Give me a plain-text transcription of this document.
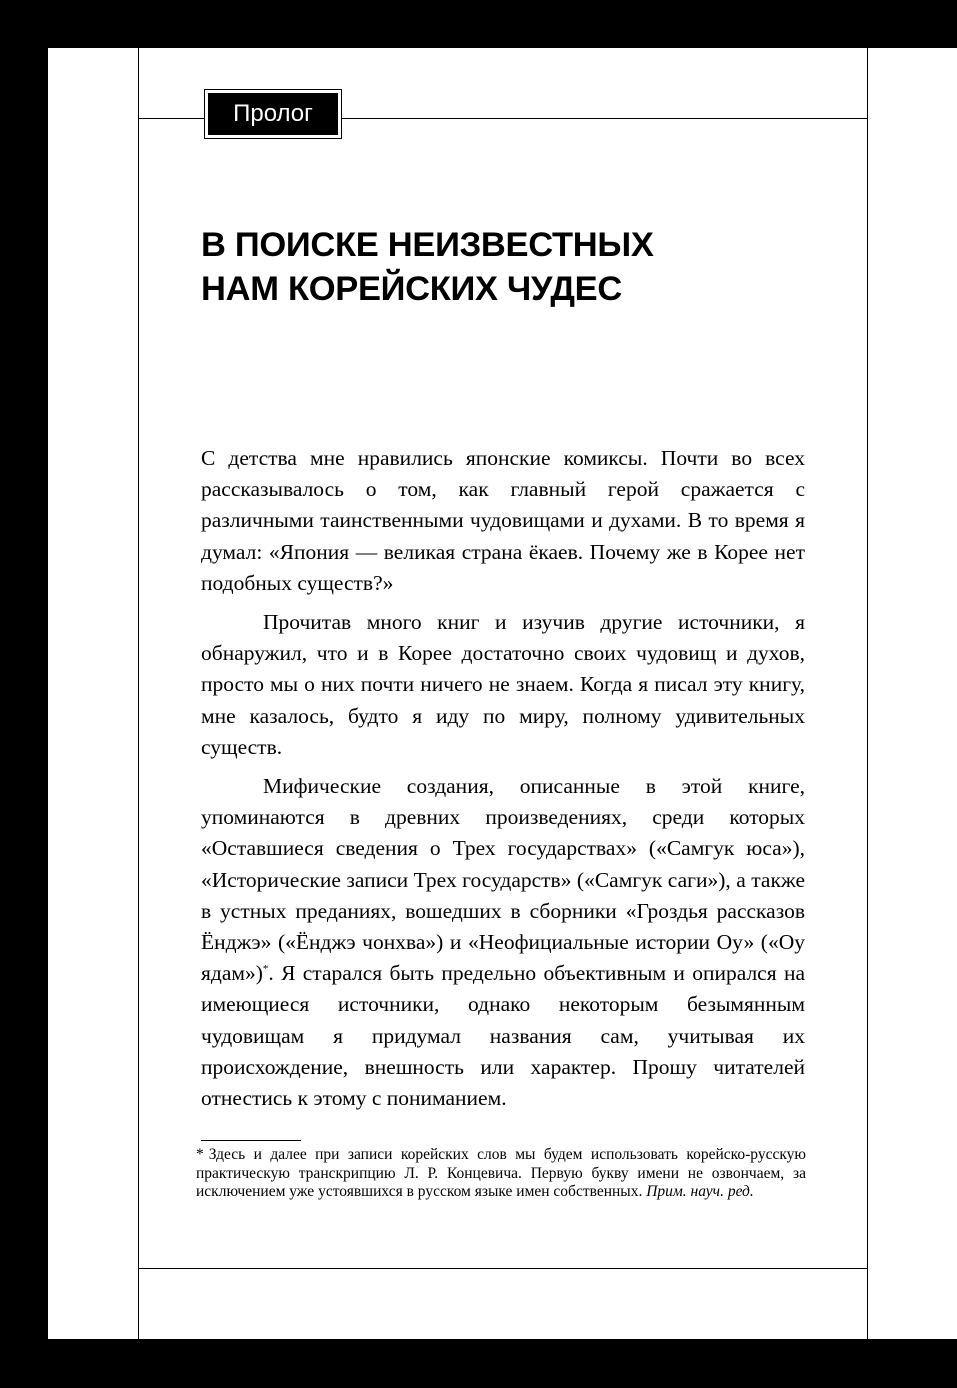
Пролог
В ПОИСКЕ НЕИЗВЕСТНЫХ
НАМ КОРЕЙСКИХ ЧУДЕС

С детства мне нравились японские комиксы. Почти во всех рассказывалось о том, как главный герой сражается с различными таинственными чудовищами и духами. В то время я думал: «Япония — великая страна ёкаев. Почему же в Корее нет подобных существ?»

Прочитав много книг и изучив другие источники, я обнаружил, что и в Корее достаточно своих чудовищ и духов, просто мы о них почти ничего не знаем. Когда я писал эту книгу, мне казалось, будто я иду по миру, полному удивительных существ.

Мифические создания, описанные в этой книге, упоминаются в древних произведениях, среди которых «Оставшиеся сведения о Трех государствах» («Самгук юса»), «Исторические записи Трех государств» («Самгук саги»), а также в устных преданиях, вошедших в сборники «Гроздья рассказов Ёнджэ» («Ёнджэ чонхва») и «Неофициальные истории Оу» («Оу ядам»)*. Я старался быть предельно объективным и опирался на имеющиеся источники, однако некоторым безымянным чудовищам я придумал названия сам, учитывая их происхождение, внешность или характер. Прошу читателей отнестись к этому с пониманием.

* Здесь и далее при записи корейских слов мы будем использовать корейско-русскую практическую транскрипцию Л. Р. Концевича. Первую букву имени не озвончаем, за исключением уже устоявшихся в русском языке имен собственных. Прим. науч. ред.
